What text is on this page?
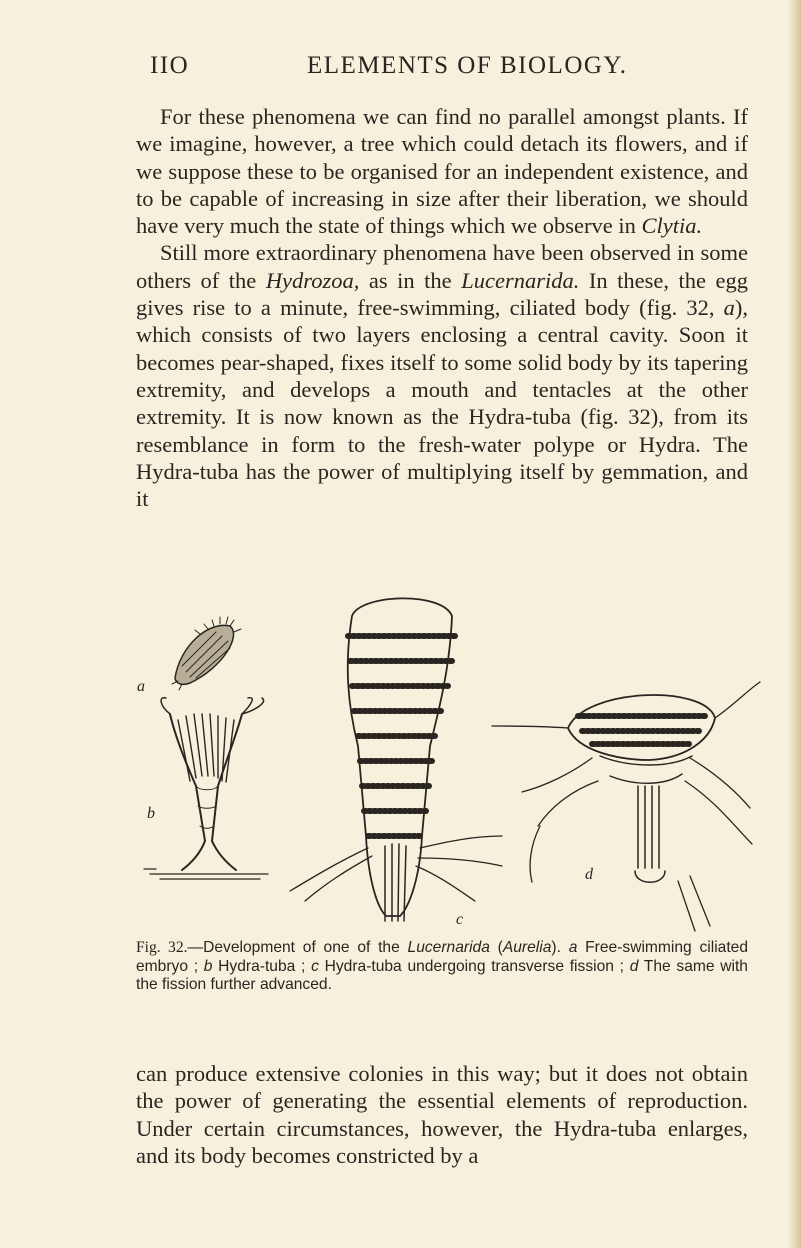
IIO	ELEMENTS OF BIOLOGY.

For these phenomena we can find no parallel amongst plants. If we imagine, however, a tree which could detach its flowers, and if we suppose these to be organised for an independent existence, and to be capable of increasing in size after their liberation, we should have very much the state of things which we observe in Clytia.

Still more extraordinary phenomena have been observed in some others of the Hydrozoa, as in the Lucernarida. In these, the egg gives rise to a minute, free-swimming, ciliated body (fig. 32, a), which consists of two layers enclosing a central cavity. Soon it becomes pear-shaped, fixes itself to some solid body by its tapering extremity, and develops a mouth and tentacles at the other extremity. It is now known as the Hydra-tuba (fig. 32), from its resemblance in form to the fresh-water polype or Hydra. The Hydra-tuba has the power of multiplying itself by gemmation, and it

a
b
c
d
Fig. 32.—Development of one of the Lucernarida (Aurelia). a Free-swimming ciliated embryo ; b Hydra-tuba ; c Hydra-tuba undergoing transverse fission ; d The same with the fission further advanced.

can produce extensive colonies in this way; but it does not obtain the power of generating the essential elements of reproduction. Under certain circumstances, however, the Hydra-tuba enlarges, and its body becomes constricted by a
